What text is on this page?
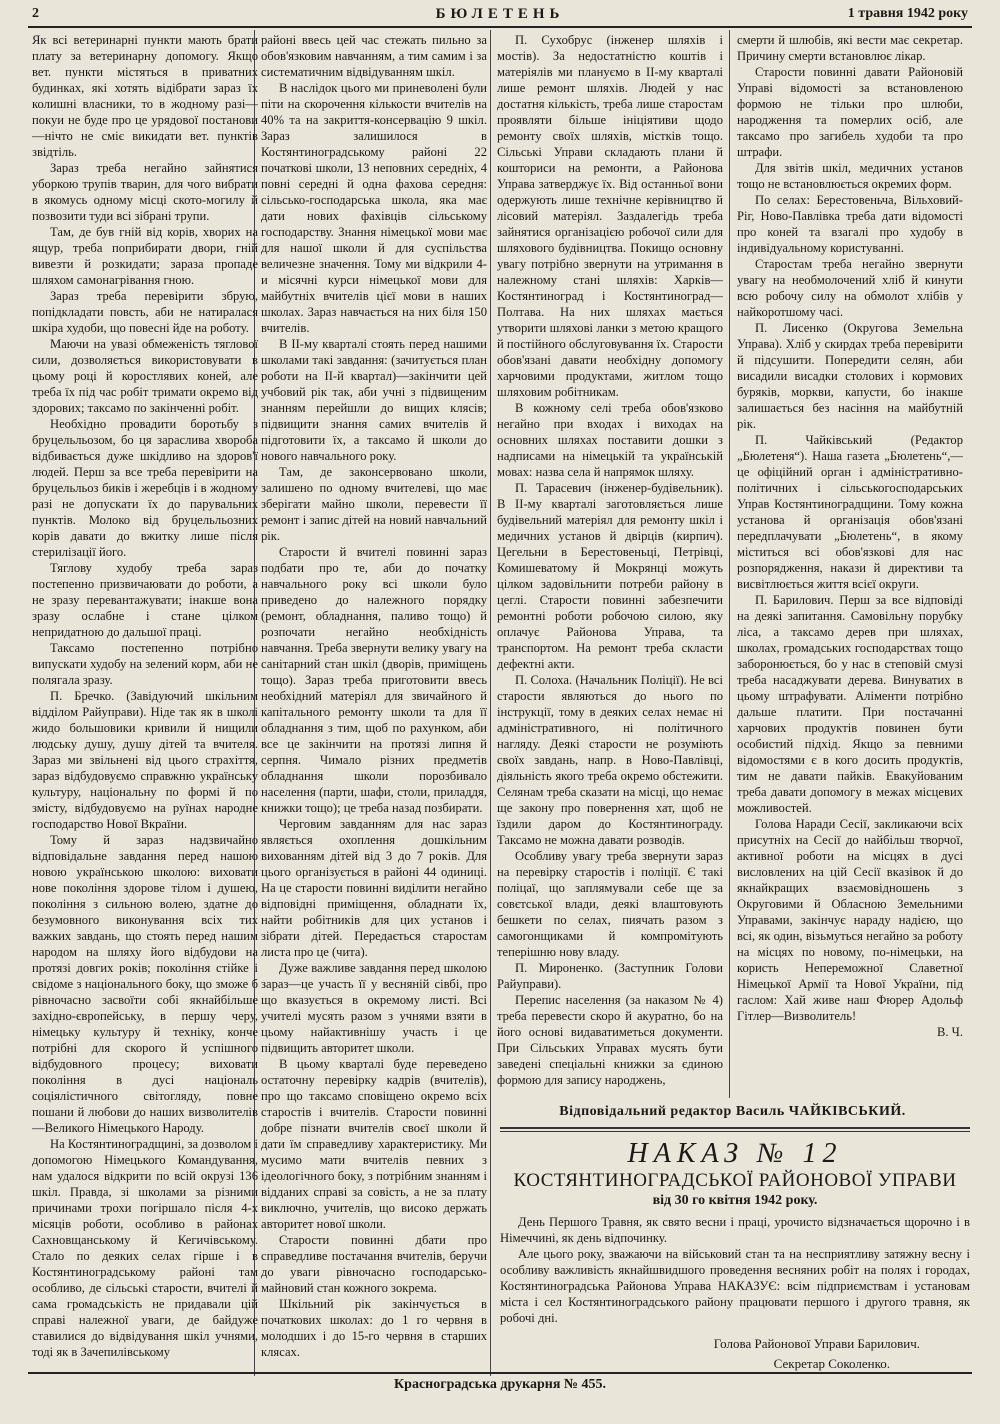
2	БЮЛЕТЕНЬ	1 травня 1942 року

Як всі ветеринарні пункти мають брати плату за ветеринарну допомогу. Якщо вет. пункти містяться в приватних будинках, які хотять відібрати зараз їх колишні власники, то в жодному разі—покуи не буде про це урядової постанови—нічто не сміє викидати вет. пунктів звідтіль.

Зараз треба негайно зайнятися уборкою трупів тварин, для чого вибрати в якомусь одному місці ското-могилу й позвозити туди всі зібрані трупи.

Там, де був гній від корів, хворих на ящур, треба поприбирати двори, гній вивезти й розкидати; зараза пропаде шляхом самонагрівання гною.

Зараз треба перевірити збрую, попідкладати повсть, аби не натиралася шкіра худоби, що повесні йде на роботу.

Маючи на увазі обмеженість тяглової сили, дозволяється використовувати в цьому році й коростлявих коней, але треба їх під час робіт тримати окремо від здорових; таксамо по закінченні робіт.

Необхідно провадити боротьбу з бруцельльозом, бо ця зараслива хвороба відбивається дуже шкідливо на здоров'ї людей. Перш за все треба перевірити на бруцельльоз биків і жеребців і в жодному разі не допускати їх до парувальних пунктів. Молоко від бруцельльозних корів давати до вжитку лише після стерилізації його.

Тяглову худобу треба зараз постепенно призвичаювати до роботи, а не зразу перевантажувати; інакше вона зразу ослабне і стане цілком непридатною до дальшої праці.

Таксамо постепенно потрібно випускати худобу на зелений корм, аби не полягала зразу.

П. Бречко. (Завідуючий шкільним відділом Райуправи). Ніде так як в школі жидо большовики кривили й нищили людську душу, душу дітей та вчителя. Зараз ми звільнені від цього страхіття, зараз відбудовуємо справжню українську культуру, національну по формі й по змісту, відбудовуємо на руїнах народне господарство Нової Вкраїни.

Тому й зараз надзвичайно відповідальне завдання перед нашою новою українською школою: виховати нове покоління здорове тілом і душею, покоління з сильною волею, здатне до безумовного виконування всіх тих важких завдань, що стоять перед нашим народом на шляху його відбудови на протязі довгих років; покоління стійке і свідоме з національного боку, що зможе б рівночасно засвоїти собі якнайбільше західно-європейську, в першу черу, німецьку культуру й техніку, конче потрібні для скорого й успішного відбудовного процесу; виховати покоління в дусі національ соціялістичного світогляду, повне пошани й любови до наших визволителів—Великого Німецького Народу.

На Костянтиноградщині, за дозволом і допомогою Німецького Командування, нам удалося відкрити по всій окрузі 136 шкіл. Правда, зі школами за різними причинами трохи погіршало після 4-х місяців роботи, особливо в районах Сахновщанському й Кегичівському. Стало по деяких селах гірше і в Костянтиноградському районі там особливо, де сільські старости, вчителі й сама громадськість не придавали цій справі належної уваги, де байдуже ставилися до відвідування шкіл учнями, тоді як в Зачепилівському

районі ввесь цей час стежать пильно за обов'язковим навчанням, а тим самим і за систематичним відвідуванням шкіл.

В наслідок цього ми приневолені були піти на скорочення кількости вчителів на 40% та на закриття-консервацію 9 шкіл. Зараз залишилося в Костянтиноградському районі 22 початкові школи, 13 неповних середніх, 4 повні середні й одна фахова середня: сільсько-господарська школа, яка має дати нових фахівців сільському господарству. Знання німецької мови має для нашої школи й для суспільства величезне значення. Тому ми відкрили 4-и місячні курси німецької мови для майбутніх вчителів цієї мови в наших школах. Зараз навчається на них біля 150 вчителів.

В ІІ-му кварталі стоять перед нашими школами такі завдання: (зачитується план роботи на ІІ-й квартал)—закінчити цей учбовий рік так, аби учні з підвищеним знанням перейшли до вищих клясів; підвищити знання самих вчителів й підготовити їх, а таксамо й школи до нового навчального року.

Там, де законсервовано школи, залишено по одному вчителеві, що має зберігати майно школи, перевести її ремонт і запис дітей на новий навчальний рік.

Старости й вчителі повинні зараз подбати про те, аби до початку навчального року всі школи було приведено до належного порядку (ремонт, обладнання, паливо тощо) й розпочати негайно необхідність навчання. Треба звернути велику увагу на санітарний стан шкіл (дворів, приміщень тощо). Зараз треба приготовити ввесь необхідний матеріял для звичайного й капітального ремонту школи та для її обладнання з тим, щоб по рахунком, аби все це закінчити на протязі липня й серпня. Чимало різних предметів обладнання школи порозбивало населення (парти, шафи, столи, приладдя, книжки тощо); це треба назад позбирати.

Черговим завданням для нас зараз являється охоплення дошкільним вихованням дітей від 3 до 7 років. Для цього організується в районі 44 одиниці. На це старости повинні виділити негайно відповідні приміщення, обладнати їх, найти робітників для цих установ і зібрати дітей. Передається старостам листа про це (чита).

Дуже важливе завдання перед школою зараз—це участь її у весняній сівбі, про що вказується в окремому листі. Всі учителі мусять разом з учнями взяти в цьому найактивнішу участь і це підвищить авторитет школи.

В цьому кварталі буде переведено остаточну перевірку кадрів (вчителів), про що таксамо сповіщено окремо всіх старостів і вчителів. Старости повинні добре пізнати вчителів своєї школи й дати їм справедливу характеристику. Ми мусимо мати вчителів певних з ідеологічного боку, з потрібним знанням і відданих справі за совість, а не за плату виключно, учителів, що високо держать авторитет нової школи.

Старости повинні дбати про справедливе постачання вчителів, беручи до уваги рівночасно господарсько-майновий стан кожного зокрема.

Шкільний рік закінчується в початкових школах: до 1 го червня в молодших і до 15-го червня в старших клясах.

П. Сухобрус (інженер шляхів і мостів). За недостатністю коштів і матеріялів ми плануємо в ІІ-му кварталі лише ремонт шляхів. Людей у нас достатня кількість, треба лише старостам проявляти більше ініціятиви щодо ремонту своїх шляхів, містків тощо. Сільські Управи складають плани й кошториси на ремонти, а Районова Управа затверджує їх. Від останньої вони одержують лише технічне керівництво й лісовий матеріял. Заздалегідь треба зайнятися організацією робочої сили для шляхового будівництва. Покищо основну увагу потрібно звернути на утримання в належному стані шляхів: Харків—Костянтиноград і Костянтиноград—Полтава. На них шляхах мається утворити шляхові ланки з метою кращого й постійного обслуговування їх. Старости обов'язані давати необхідну допомогу харчовими продуктами, житлом тощо шляховим робітникам.

В кожному селі треба обов'язково негайно при входах і виходах на основних шляхах поставити дошки з надписами на німецькій та українській мовах: назва села й напрямок шляху.

П. Тарасевич (інженер-будівельник). В ІІ-му кварталі заготовляється лише будівельний матеріял для ремонту шкіл і медичних установ й двірців (кирпич). Цегельни в Берестовеньці, Петрівці, Комишеватому й Мокрянці можуть цілком задовільнити потреби району в цеглі. Старости повинні забезпечити ремонтні роботи робочою силою, яку оплачує Районова Управа, та транспортом. На ремонт треба скласти дефектні акти.

П. Солоха. (Начальник Поліції). Не всі старости являються до нього по інструкції, тому в деяких селах немає ні адміністративного, ні політичного нагляду. Деякі старости не розуміють своїх завдань, напр. в Ново-Павлівці, діяльність якого треба окремо обстежити. Селянам треба сказати на місці, що немає ще закону про повернення хат, щоб не їздили даром до Костянтинограду. Таксамо не можна давати розводів.

Особливу увагу треба звернути зараз на перевірку старостів і поліції. Є такі поліцаї, що заплямували себе ще за совєтської влади, деякі влаштовують бешкети по селах, пиячать разом з самогонщиками й компромітують теперішню нову владу.

П. Мироненко. (Заступник Голови Райуправи).

Перепис населення (за наказом № 4) треба перевести скоро й акуратно, бо на його основі видаватиметься документи. При Сільських Управах мусять бути заведені спеціальні книжки за єдиною формою для запису народжень,

смерти й шлюбів, які вести має секретар. Причину смерти встановлює лікар.

Старости повинні давати Районовій Управі відомості за встановленою формою не тільки про шлюби, народження та померлих осіб, але таксамо про загибель худоби та про штрафи.

Для звітів шкіл, медичних установ тощо не встановлюється окремих форм.

По селах: Берестовеньча, Вільховий-Ріг, Ново-Павлівка треба дати відомості про коней та взагалі про худобу в індивідуальному користуванні.

Старостам треба негайно звернути увагу на необмолочений хліб й кинути всю робочу силу на обмолот хлібів у найкоротшому часі.

П. Лисенко (Округова Земельна Управа). Хліб у скирдах треба перевірити й підсушити. Попередити селян, аби висадили висадки столових і кормових буряків, моркви, капусти, бо інакше залишається без насіння на майбутній рік.

П. Чайківський (Редактор „Бюлетеня“). Наша газета „Бюлетень“,—це офіційний орган і адміністративно-політичних і сільськогосподарських Управ Костянтиноградщини. Тому кожна установа й організація обов'язані передплачувати „Бюлетень“, в якому міститься всі обов'язкові для нас розпорядження, накази й директиви та висвітлюється життя всієї округи.

П. Барилович. Перш за все відповіді на деякі запитання. Самовільну порубку ліса, а таксамо дерев при шляхах, школах, громадських господарствах тощо заборонюється, бо у нас в степовій смузі треба насаджувати дерева. Винуватих в цьому штрафувати. Аліменти потрібно дальше платити. При постачанні харчових продуктів повинен бути особистий підхід. Якщо за певними відомостями є в кого досить продуктів, тим не давати пайків. Евакуйованим треба давати допомогу в межах місцевих можливостей.

Голова Наради Сесії, закликаючи всіх присутніх на Сесії до найбільш творчої, активної роботи на місцях в дусі висловлених на цій Сесії вказівок й до якнайкращих взаємовідношень з Округовими й Обласною Земельними Управами, закінчує нараду надією, що всі, як один, візьмуться негайно за роботу на місцях по новому, по-німецьки, на користь Непереможної Славетної Німецької Армії та Нової України, під гаслом: Хай живе наш Фюрер Адольф Гітлер—Визволитель!

В. Ч.

Відповідальний редактор Василь ЧАЙКІВСЬКИЙ.
НАКАЗ № 12
КОСТЯНТИНОГРАДСЬКОЇ РАЙОНОВОЇ УПРАВИ
від 30 го квітня 1942 року.

День Першого Травня, як свято весни і праці, урочисто відзначається щорочно і в Німеччині, як день відпочинку.

Але цього року, зважаючи на військовий стан та на несприятливу затяжну весну і особливу важливість якнайшвидшого проведення весняних робіт на полях і городах, Костянтиноградська Районова Управа НАКАЗУЄ: всім підприємствам і установам міста і сел Костянтиноградського району працювати першого і другого травня, як робочі дні.

Голова Районової Управи Барилович.
Секретар Соколенко.
Красноградська друкарня № 455.
